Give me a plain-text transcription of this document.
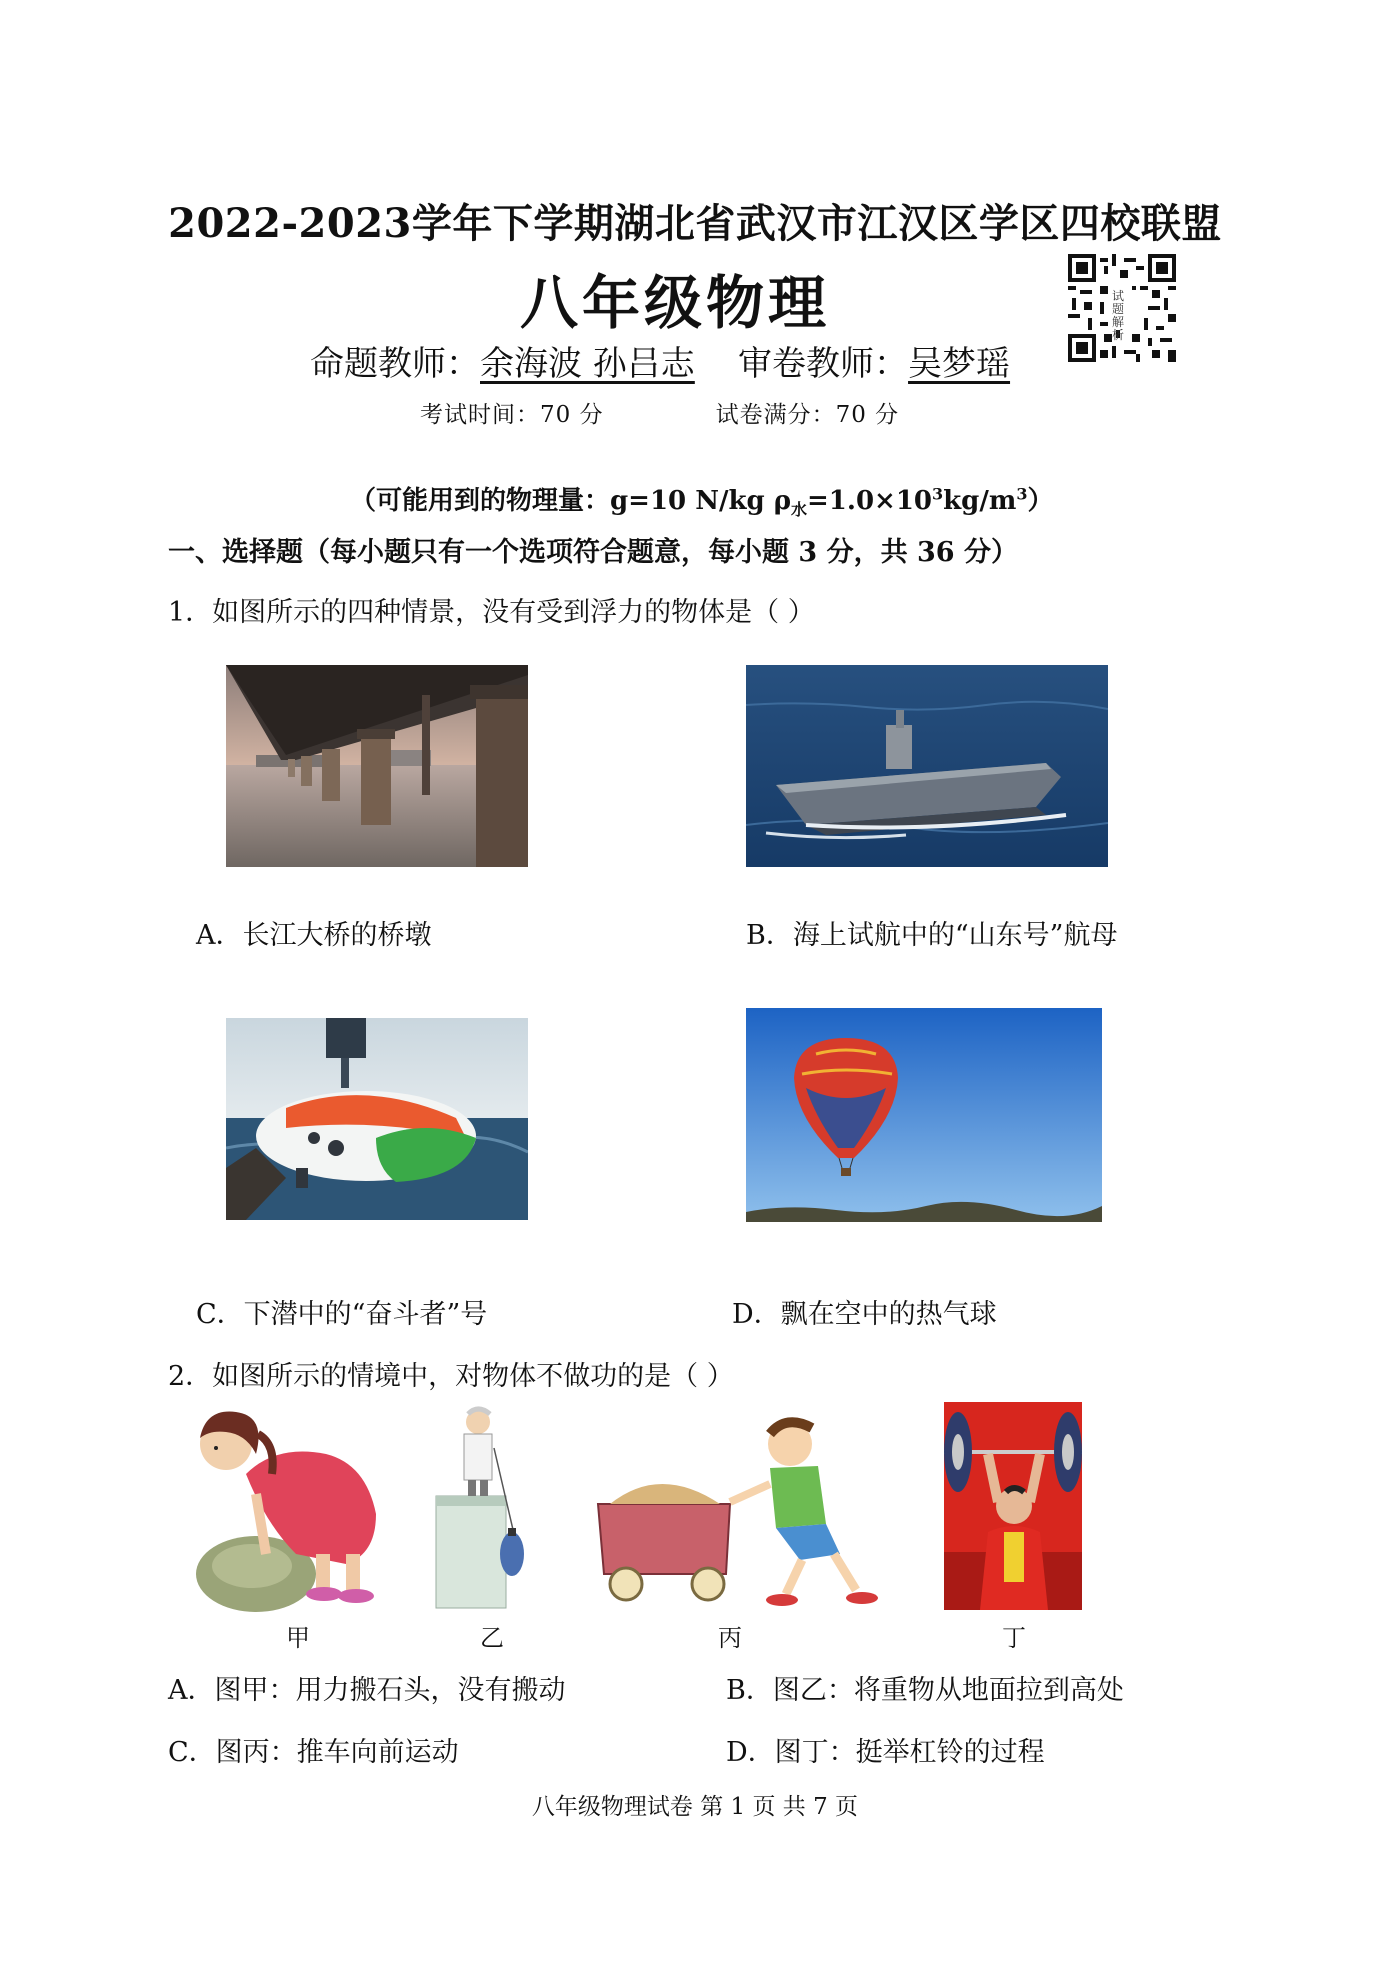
2022-2023学年下学期湖北省武汉市江汉区学区四校联盟
八年级物理	试题解析
命题教师：余海波 孙吕志 审卷教师：吴梦瑶
考试时间：70 分	试卷满分：70 分
（可能用到的物理量：g=10 N/kg $\rho_水=1.0\times 10^3kg/m^3$）
一、选择题（每小题只有一个选项符合题意，每小题 3 分，共 36 分）
1．如图所示的四种情景，没有受到浮力的物体是（ ）
A．长江大桥的桥墩	B．海上试航中的“山东号”航母
C．下潜中的“奋斗者”号	D．飘在空中的热气球
2．如图所示的情境中，对物体不做功的是（ ）
甲	乙	丙	丁
A．图甲：用力搬石头，没有搬动	B．图乙：将重物从地面拉到高处
C．图丙：推车向前运动	D．图丁：挺举杠铃的过程
八年级物理试卷 第 1 页 共 7 页
